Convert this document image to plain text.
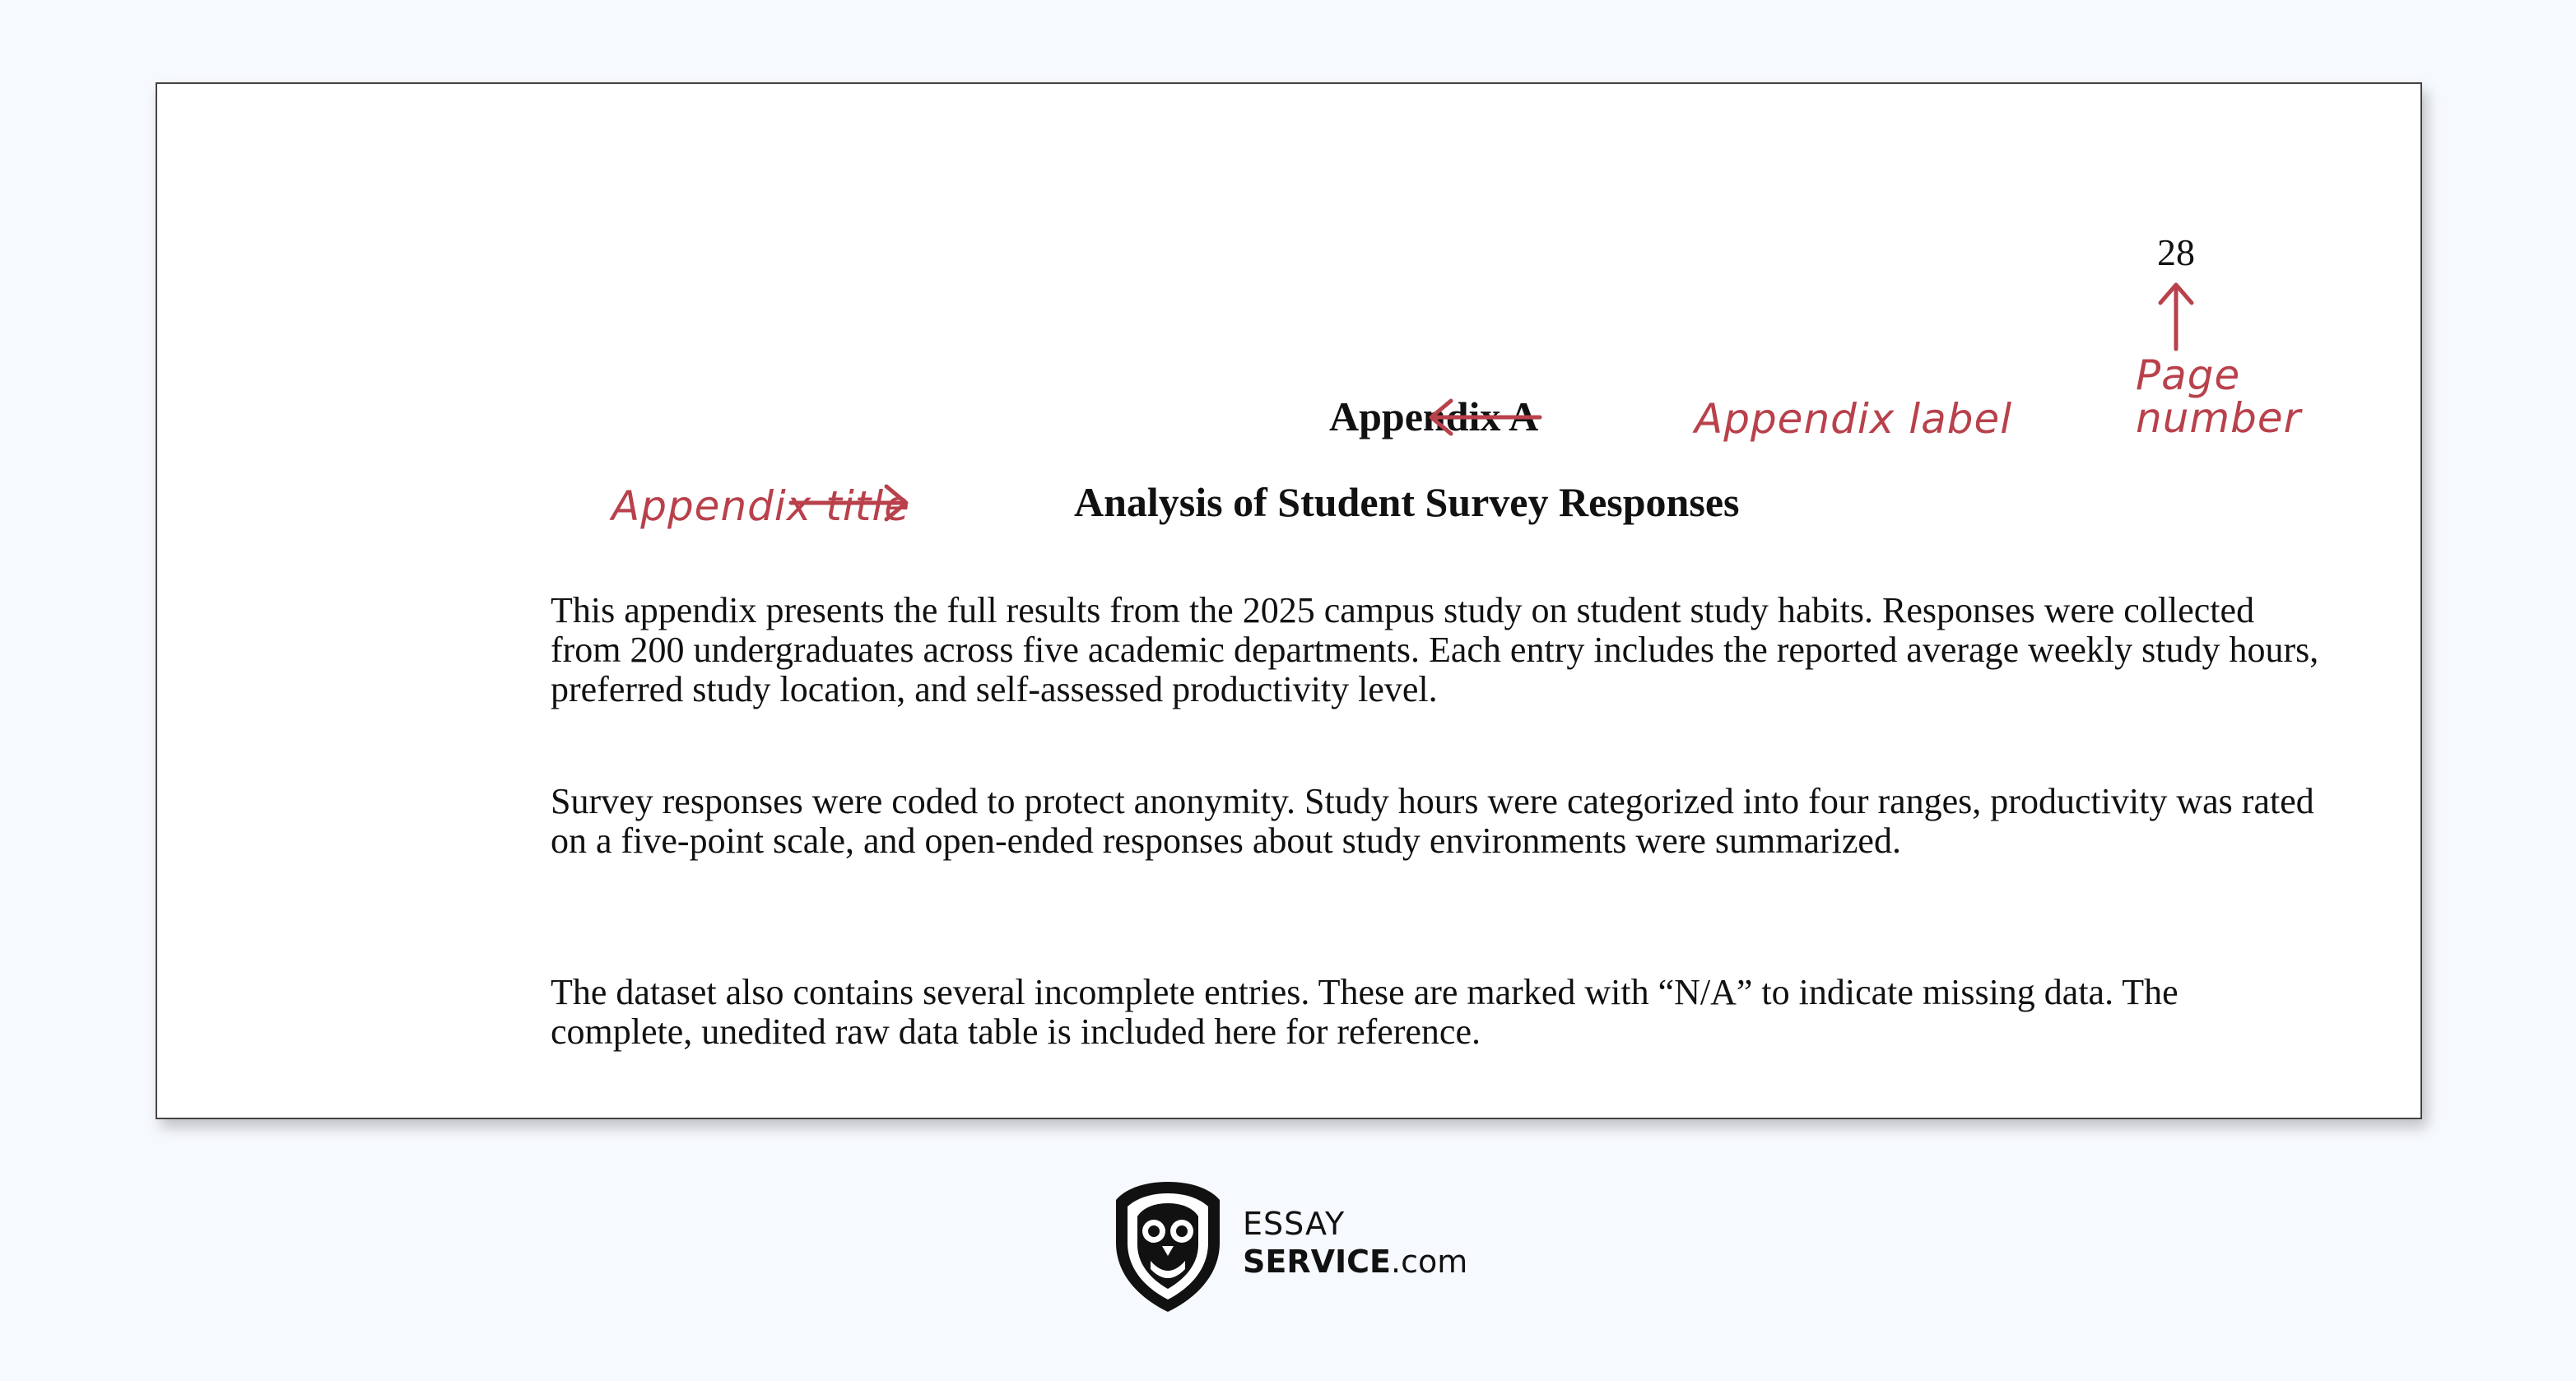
28
Appendix A
Analysis of Student Survey Responses

This appendix presents the full results from the 2025 campus study on student study habits. Responses were collected from 200 undergraduates across five academic departments. Each entry includes the reported average weekly study hours, preferred study location, and self-assessed productivity level.

Survey responses were coded to protect anonymity. Study hours were categorized into four ranges, productivity was rated on a five-point scale, and open-ended responses about study environments were summarized.

The dataset also contains several incomplete entries. These are marked with “N/A” to indicate missing data. The complete, unedited raw data table is included here for reference.

Appendix label
Appendix title
Page number
ESSAY
SERVICE.com
